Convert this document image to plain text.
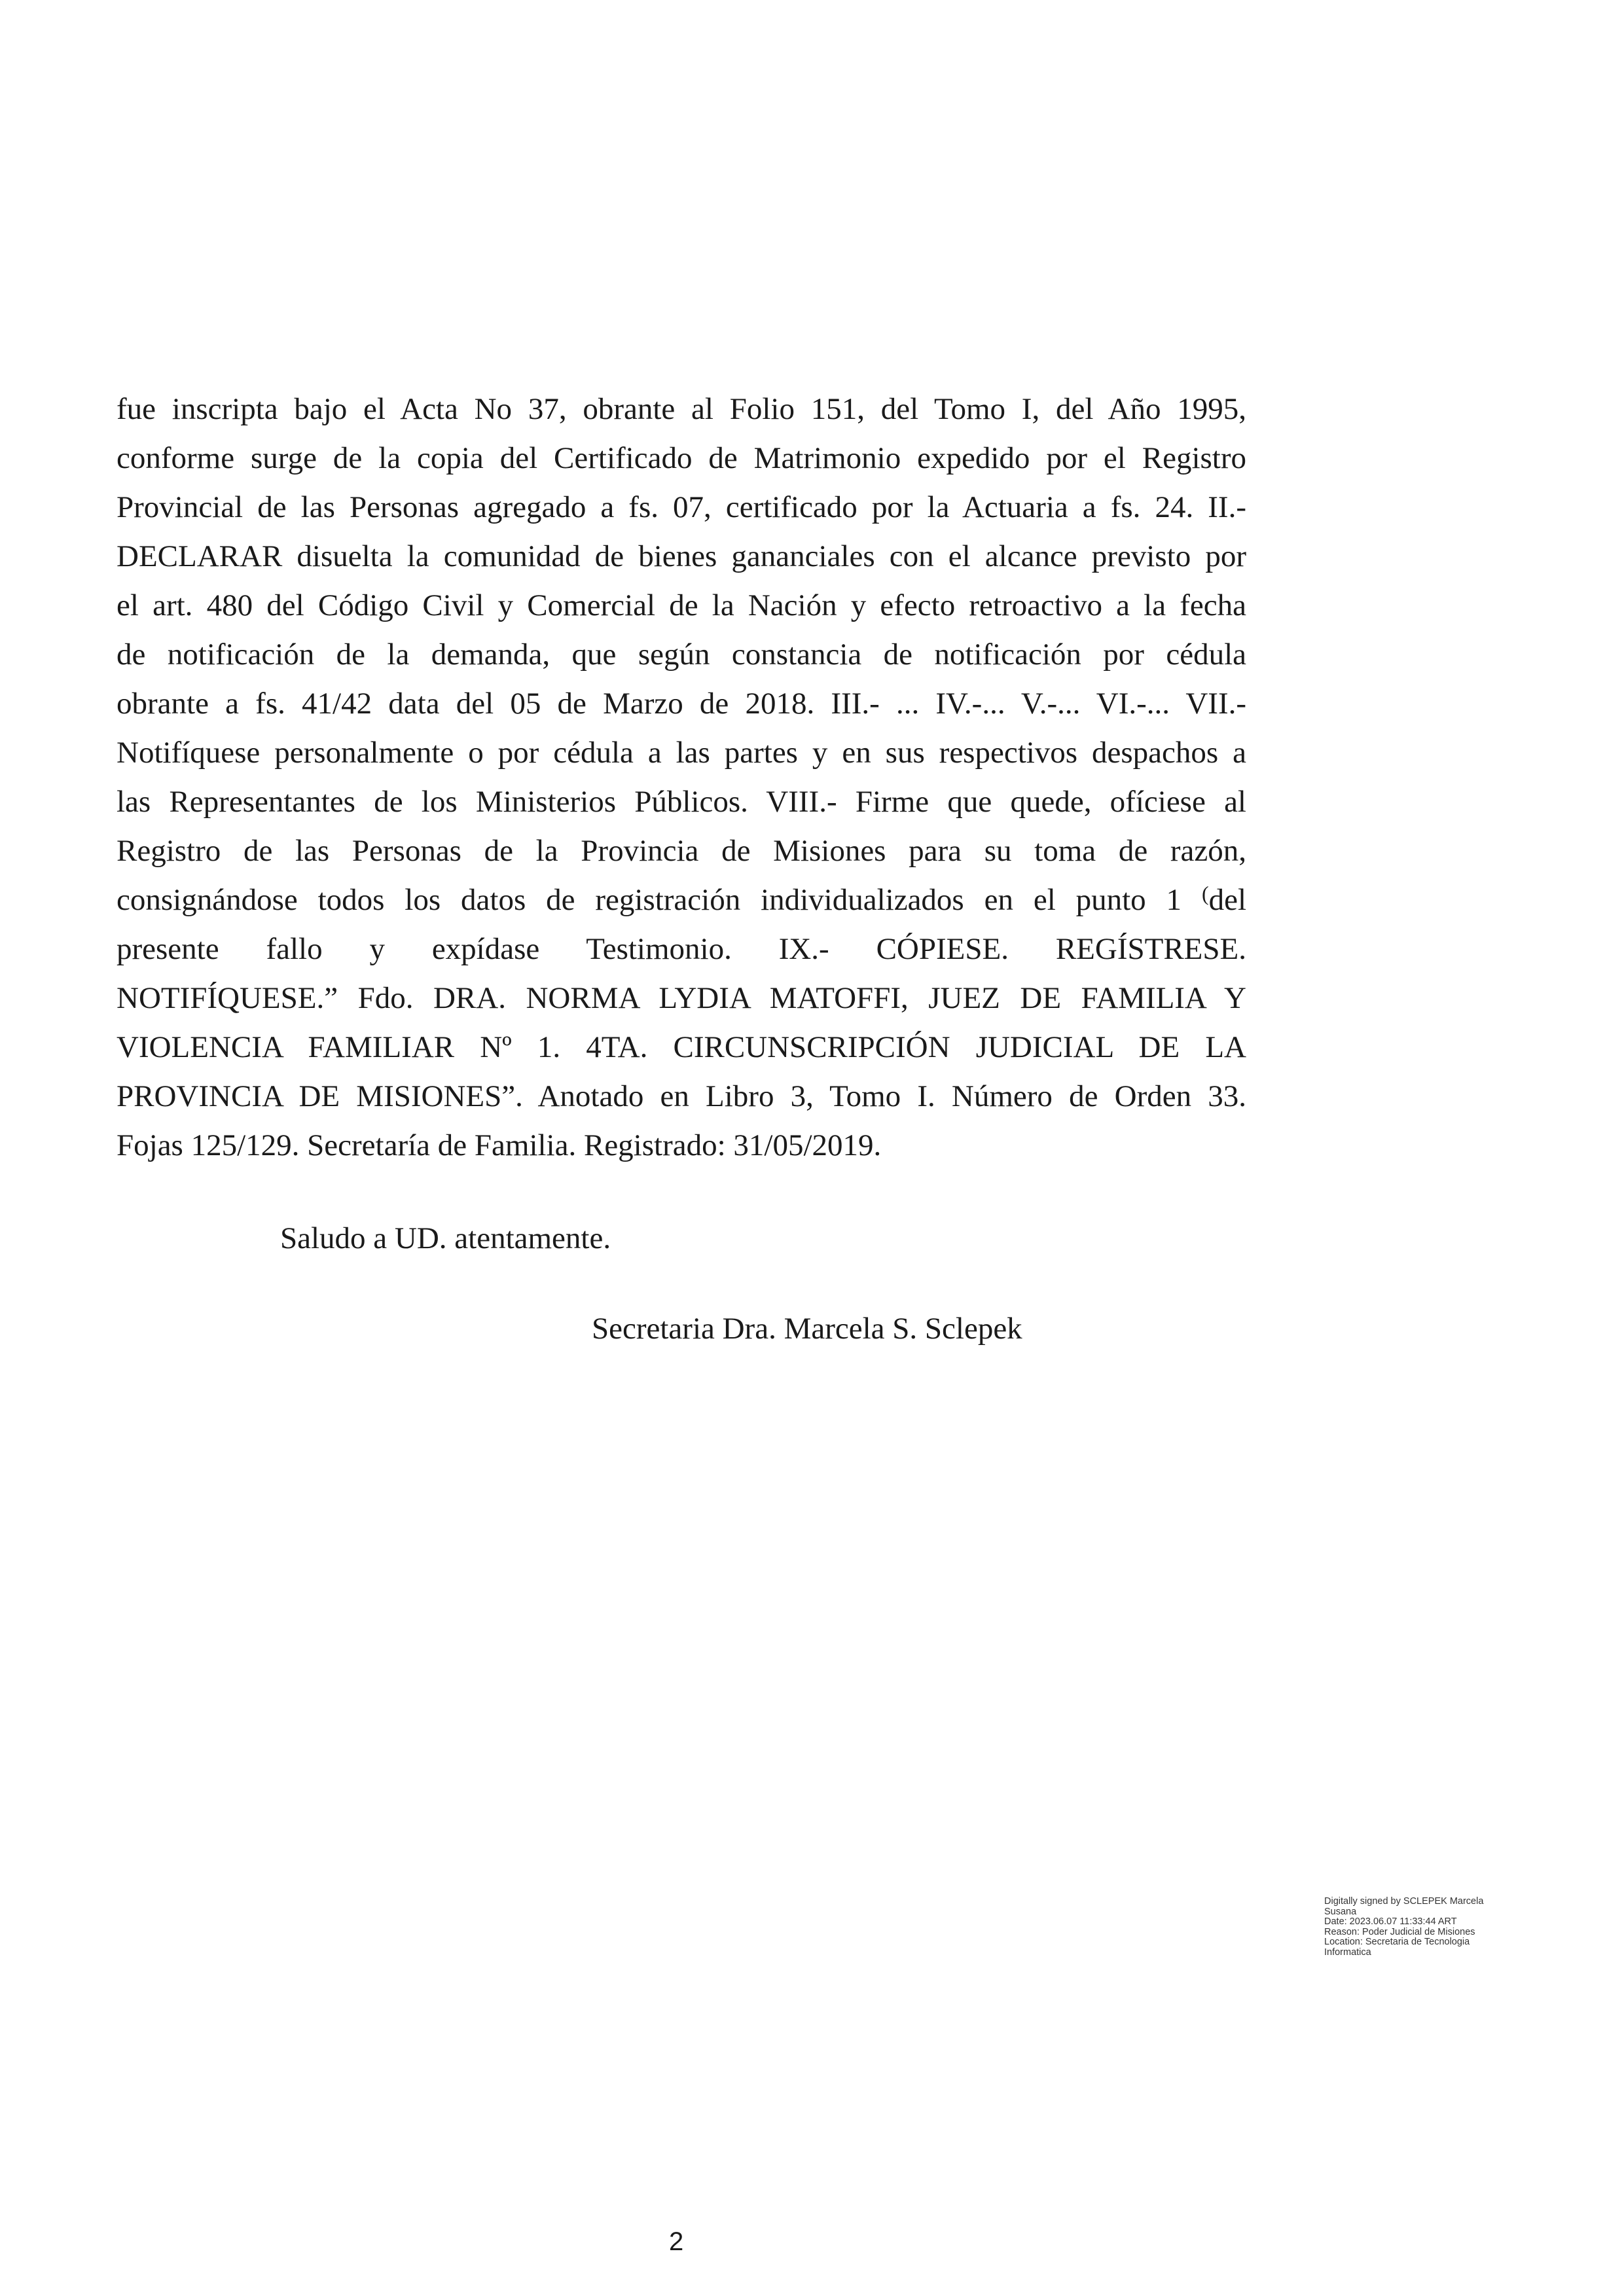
fue inscripta bajo el Acta No 37, obrante al Folio 151, del Tomo I, del Año 1995,
conforme surge de la copia del Certificado de Matrimonio expedido por el Registro
Provincial de las Personas agregado a fs. 07, certificado por la Actuaria a fs. 24. II.-
DECLARAR disuelta la comunidad de bienes gananciales con el alcance previsto por
el art. 480 del Código Civil y Comercial de la Nación y efecto retroactivo a la fecha
de notificación de la demanda, que según constancia de notificación por cédula
obrante a fs. 41/42 data del 05 de Marzo de 2018. III.- ... IV.-... V.-... VI.-... VII.-
Notifíquese personalmente o por cédula a las partes y en sus respectivos despachos a
las Representantes de los Ministerios Públicos. VIII.- Firme que quede, ofíciese al
Registro de las Personas de la Provincia de Misiones para su toma de razón,
consignándose todos los datos de registración individualizados en el punto 1 (del
presente fallo y expídase Testimonio. IX.- CÓPIESE. REGÍSTRESE.
NOTIFÍQUESE.” Fdo. DRA. NORMA LYDIA MATOFFI, JUEZ DE FAMILIA Y
VIOLENCIA FAMILIAR Nº 1. 4TA. CIRCUNSCRIPCIÓN JUDICIAL DE LA
PROVINCIA DE MISIONES”. Anotado en Libro 3, Tomo I. Número de Orden 33.
Fojas 125/129. Secretaría de Familia. Registrado: 31/05/2019.
Saludo a UD. atentamente.
Secretaria Dra. Marcela S. Sclepek
Digitally signed by SCLEPEK Marcela
Susana
Date: 2023.06.07 11:33:44 ART
Reason: Poder Judicial de Misiones
Location: Secretaria de Tecnologia
Informatica
2
